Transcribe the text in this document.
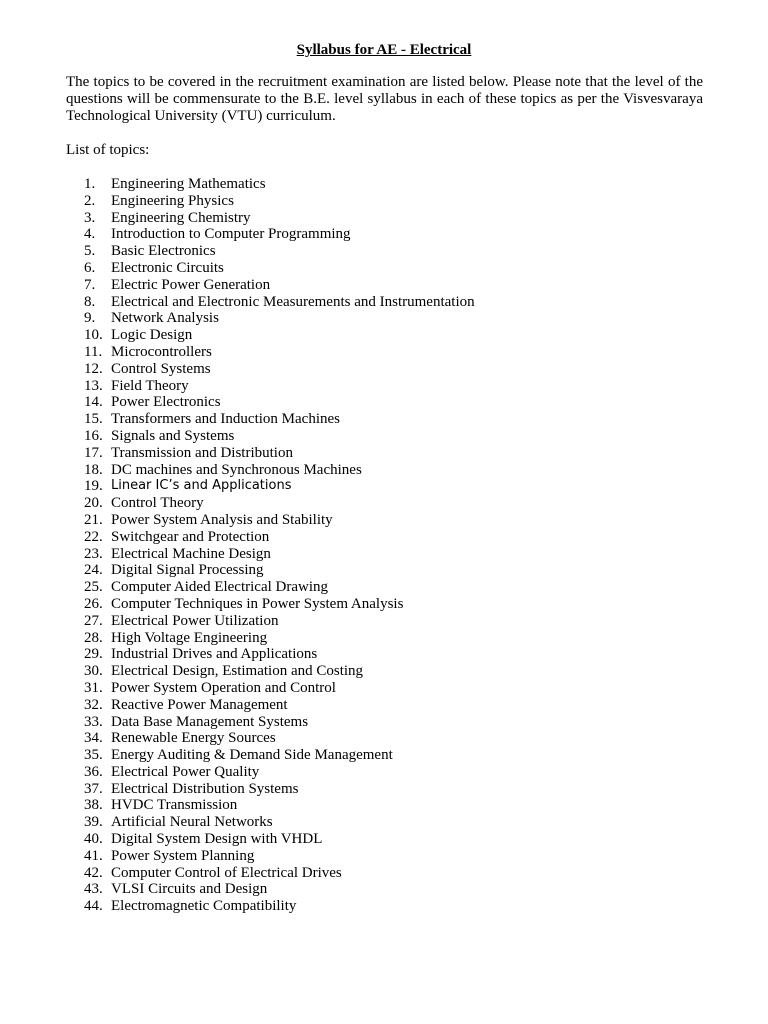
Syllabus for AE - Electrical
The topics to be covered in the recruitment examination are listed below. Please note that the level of the questions will be commensurate to the B.E. level syllabus in each of these topics as per the Visvesvaraya Technological University (VTU) curriculum.
List of topics:
1.	Engineering Mathematics
2.	Engineering Physics
3.	Engineering Chemistry
4.	Introduction to Computer Programming
5.	Basic Electronics
6.	Electronic Circuits
7.	Electric Power Generation
8.	Electrical and Electronic Measurements and Instrumentation
9.	Network Analysis
10. Logic Design
11. Microcontrollers
12. Control Systems
13. Field Theory
14. Power Electronics
15. Transformers and Induction Machines
16. Signals and Systems
17. Transmission and Distribution
18. DC machines and Synchronous Machines
19. Linear IC’s and Applications
20. Control Theory
21. Power System Analysis and Stability
22. Switchgear and Protection
23. Electrical Machine Design
24. Digital Signal Processing
25. Computer Aided Electrical Drawing
26. Computer Techniques in Power System Analysis
27. Electrical Power Utilization
28. High Voltage Engineering
29. Industrial Drives and Applications
30. Electrical Design, Estimation and Costing
31. Power System Operation and Control
32. Reactive Power Management
33. Data Base Management Systems
34. Renewable Energy Sources
35. Energy Auditing & Demand Side Management
36. Electrical Power Quality
37. Electrical Distribution Systems
38. HVDC Transmission
39. Artificial Neural Networks
40. Digital System Design with VHDL
41. Power System Planning
42. Computer Control of Electrical Drives
43. VLSI Circuits and Design
44. Electromagnetic Compatibility
